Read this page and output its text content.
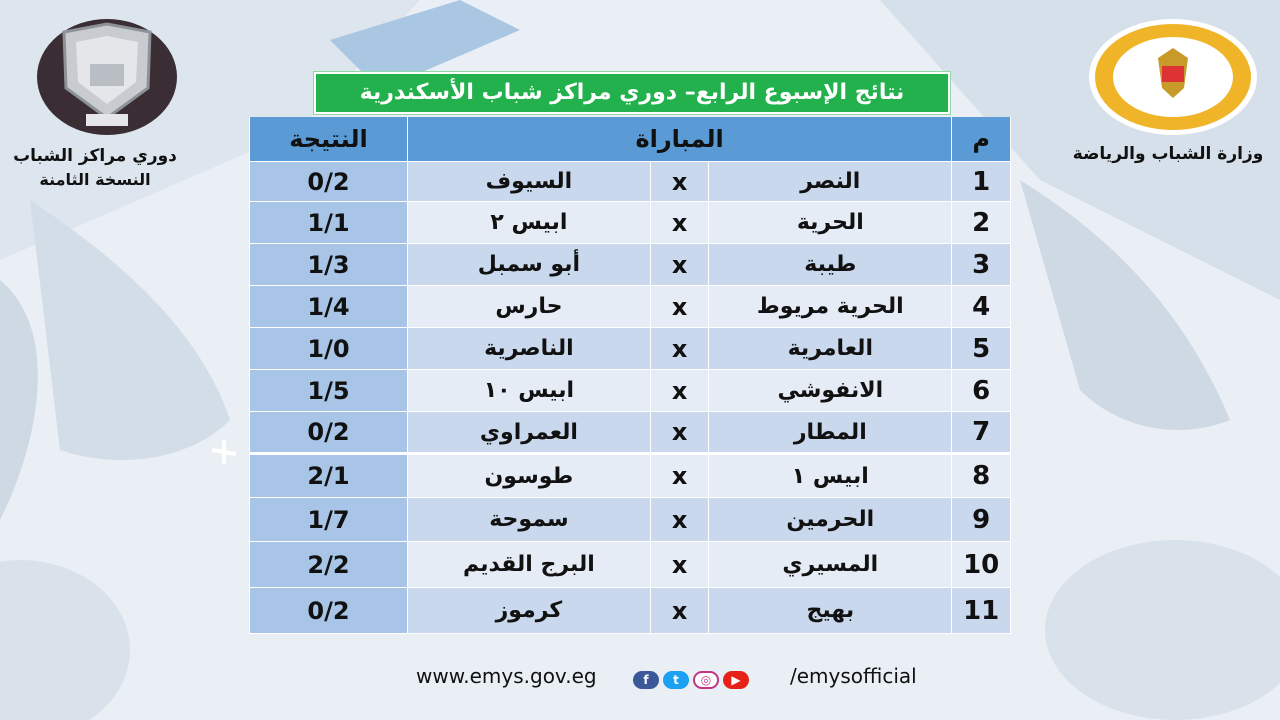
دوري مراكز الشباب
النسخة الثامنة
وزارة الشباب والرياضة
نتائج الإسبوع الرابع– دوري مراكز شباب الأسكندرية
م	المباراة			النتيجة
1	النصر	x	السيوف	0/2
2	الحرية	x	ابيس ٢	1/1
3	طيبة	x	أبو سمبل	1/3
4	الحرية مريوط	x	حارس	1/4
5	العامرية	x	الناصرية	1/0
6	الانفوشي	x	ابيس ١٠	1/5
7	المطار	x	العمراوي	0/2
8	ابيس ١	x	طوسون	2/1
9	الحرمين	x	سموحة	1/7
10	المسيري	x	البرج القديم	2/2
11	بهيج	x	كرموز	0/2
www.emys.gov.eg	f	t	◎	▶	/emysofficial
